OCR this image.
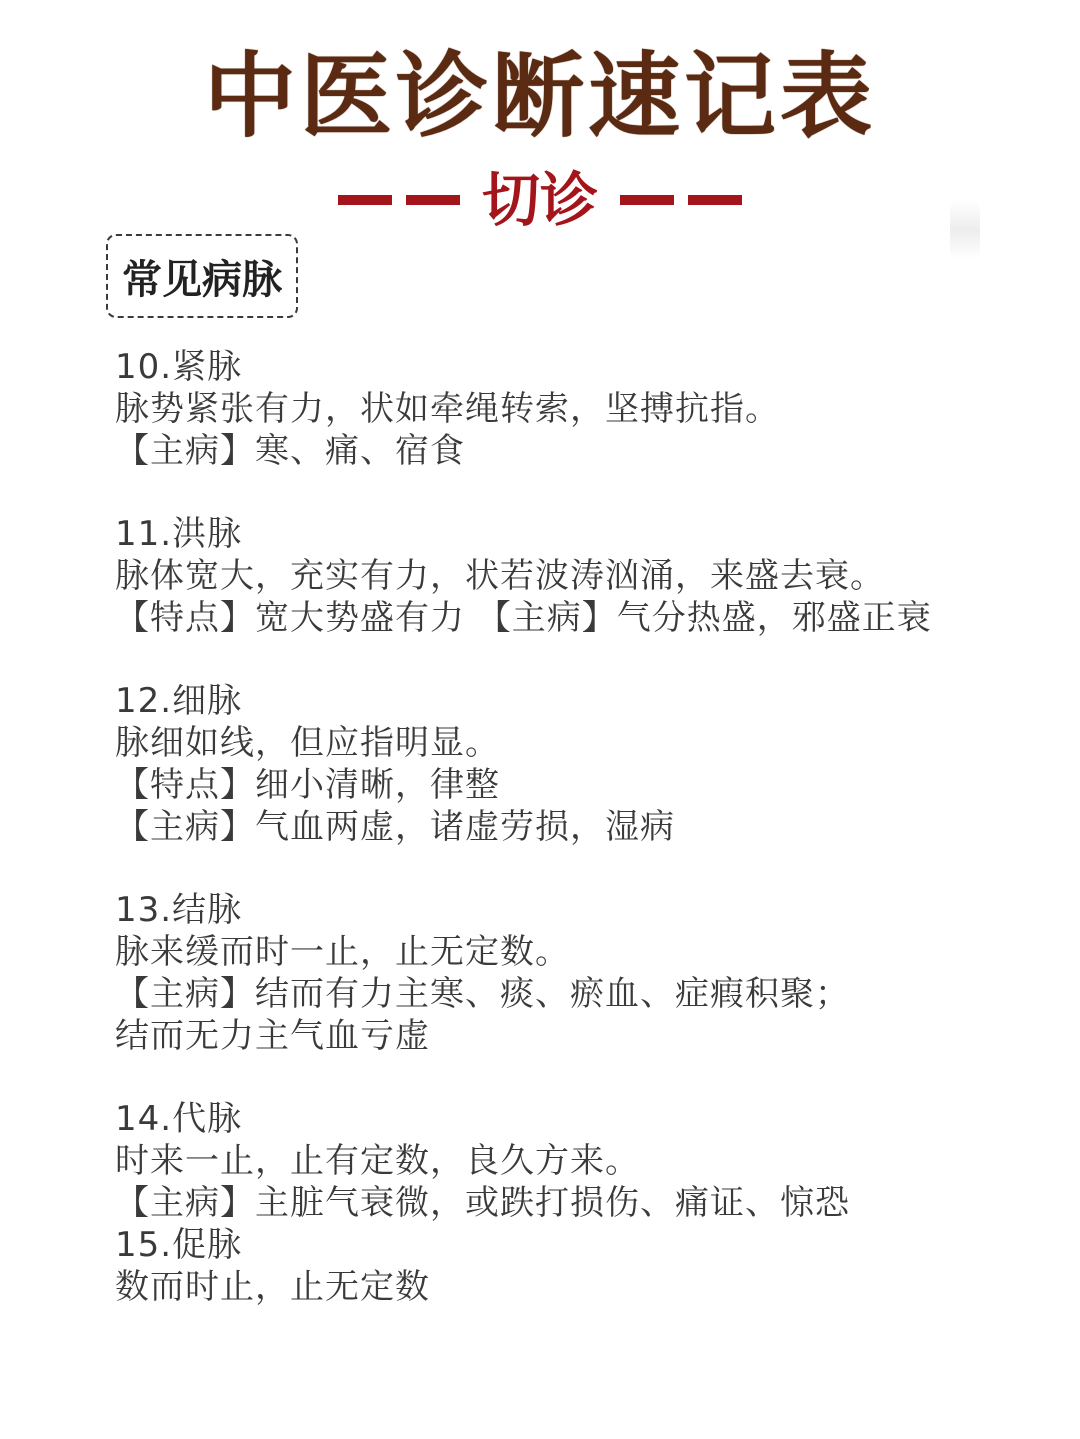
中医诊断速记表
切诊
常见病脉
10.紧脉
脉势紧张有力，状如牵绳转索，坚搏抗指。
【主病】寒、痛、宿食
11.洪脉
脉体宽大，充实有力，状若波涛汹涌，来盛去衰。
【特点】宽大势盛有力 【主病】气分热盛，邪盛正衰
12.细脉
脉细如线，但应指明显。
【特点】细小清晰，律整
【主病】气血两虚，诸虚劳损，湿病
13.结脉
脉来缓而时一止，止无定数。
【主病】结而有力主寒、痰、瘀血、症瘕积聚；
结而无力主气血亏虚
14.代脉
时来一止，止有定数，良久方来。
【主病】主脏气衰微，或跌打损伤、痛证、惊恐
15.促脉
数而时止，止无定数
